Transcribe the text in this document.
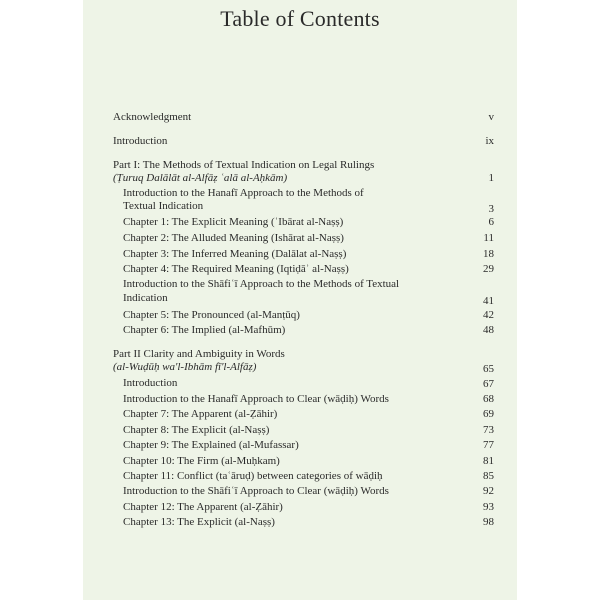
Table of Contents
Acknowledgment	v
Introduction	ix
Part I: The Methods of Textual Indication on Legal Rulings
(Ṭuruq Dalālāt al-Alfāẓ ʿalā al-Aḥkām)	1
Introduction to the Hanafī Approach to the Methods of
Textual Indication	3
Chapter 1: The Explicit Meaning (ʿIbārat al-Naṣṣ)	6
Chapter 2: The Alluded Meaning (Ishārat al-Naṣṣ)	11
Chapter 3: The Inferred Meaning (Dalālat al-Naṣṣ)	18
Chapter 4: The Required Meaning (Iqtiḍāʾ al-Naṣṣ)	29
Introduction to the Shāfiʿī Approach to the Methods of Textual
Indication	41
Chapter 5: The Pronounced (al-Manṭūq)	42
Chapter 6: The Implied (al-Mafhūm)	48
Part II Clarity and Ambiguity in Words
(al-Wuḍūḥ wa'l-Ibhām fī'l-Alfāẓ)	65
Introduction	67
Introduction to the Hanafī Approach to Clear (wāḍiḥ) Words	68
Chapter 7: The Apparent (al-Ẓāhir)	69
Chapter 8: The Explicit (al-Naṣṣ)	73
Chapter 9: The Explained (al-Mufassar)	77
Chapter 10: The Firm (al-Muḥkam)	81
Chapter 11: Conflict (taʿāruḍ) between categories of wāḍiḥ	85
Introduction to the Shāfiʿī Approach to Clear (wāḍiḥ) Words	92
Chapter 12: The Apparent (al-Ẓāhir)	93
Chapter 13: The Explicit (al-Naṣṣ)	98
